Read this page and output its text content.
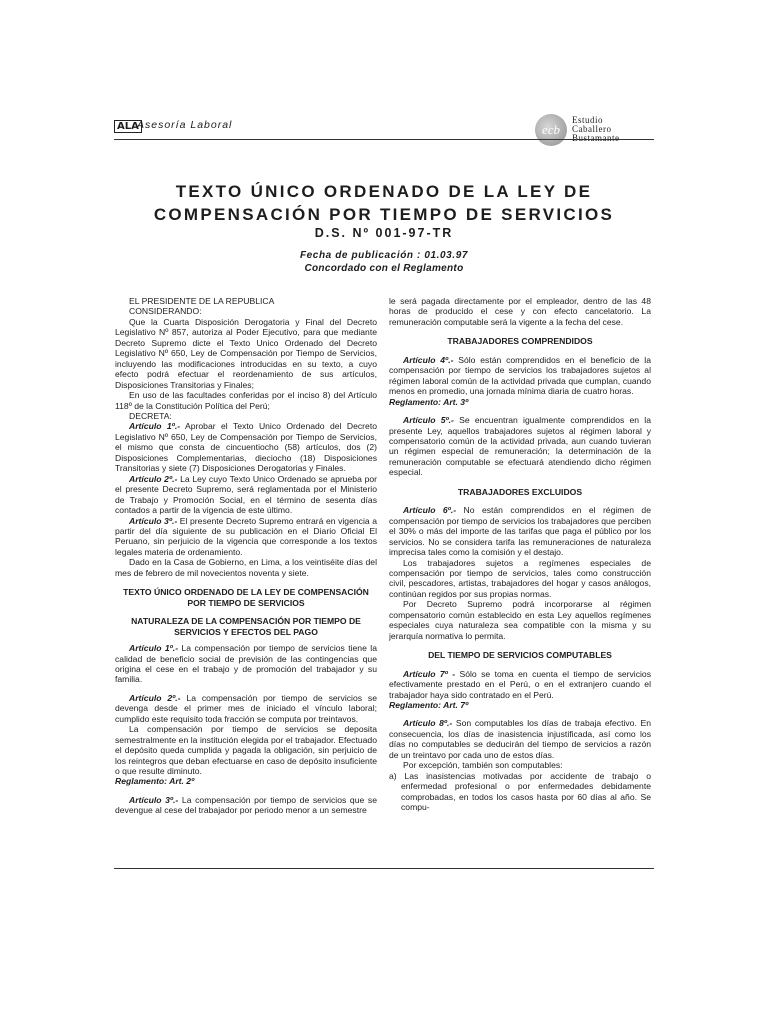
ALA
Asesoría Laboral	ecb
Estudio
Caballero Bustamante
TEXTO ÚNICO ORDENADO DE LA LEY DE
COMPENSACIÓN POR TIEMPO DE SERVICIOS
D.S. Nº 001-97-TR
Fecha de publicación : 01.03.97
Concordado con el Reglamento

EL PRESIDENTE DE LA REPUBLICA

CONSIDERANDO:

Que la Cuarta Disposición Derogatoria y Final del Decreto Legislativo Nº 857, autoriza al Poder Ejecutivo, para que mediante Decreto Supremo dicte el Texto Unico Ordenado del Decreto Legislativo Nº 650, Ley de Compensación por Tiempo de Servicios, incluyendo las modificaciones introducidas en su texto, a cuyo efecto podrá efectuar el reordenamiento de sus artículos, Disposiciones Transitorias y Finales;

En uso de las facultades conferidas por el inciso 8) del Artículo 118º de la Constitución Política del Perú;

DECRETA:

Artículo 1º.- Aprobar el Texto Unico Ordenado del Decreto Legislativo Nº 650, Ley de Compensación por Tiempo de Servicios, el mismo que consta de cincuentiocho (58) artículos, dos (2) Disposiciones Complementarias, dieciocho (18) Disposiciones Transitorias y siete (7) Disposiciones Derogatorias y Finales.

Artículo 2º.- La Ley cuyo Texto Unico Ordenado se aprueba por el presente Decreto Supremo, será reglamentada por el Ministerio de Trabajo y Promoción Social, en el término de sesenta días contados a partir de la vigencia de este último.

Artículo 3º.- El presente Decreto Supremo entrará en vigencia a partir del día siguiente de su publicación en el Diario Oficial El Peruano, sin perjuicio de la vigencia que corresponde a los textos legales materia de ordenamiento.

Dado en la Casa de Gobierno, en Lima, a los veintiséite días del mes de febrero de mil novecientos noventa y siete.

TEXTO ÚNICO ORDENADO DE LA LEY DE COMPENSACIÓN POR TIEMPO DE SERVICIOS

NATURALEZA DE LA COMPENSACIÓN POR TIEMPO DE SERVICIOS Y EFECTOS DEL PAGO

Artículo 1º.- La compensación por tiempo de servicios tiene la calidad de beneficio social de previsión de las contingencias que origina el cese en el trabajo y de promoción del trabajador y su familia.

Artículo 2º.- La compensación por tiempo de servicios se devenga desde el primer mes de iniciado el vínculo laboral; cumplido este requisito toda fracción se computa por treintavos.

La compensación por tiempo de servicios se deposita semestralmente en la institución elegida por el trabajador. Efectuado el depósito queda cumplida y pagada la obligación, sin perjuicio de los reintegros que deban efectuarse en caso de depósito insuficiente o que resulte diminuto.

Reglamento: Art. 2º

Artículo 3º.- La compensación por tiempo de servicios que se devengue al cese del trabajador por periodo menor a un semestre

le será pagada directamente por el empleador, dentro de las 48 horas de producido el cese y con efecto cancelatorio. La remuneración computable será la vigente a la fecha del cese.

TRABAJADORES COMPRENDIDOS

Artículo 4º.- Sólo están comprendidos en el beneficio de la compensación por tiempo de servicios los trabajadores sujetos al régimen laboral común de la actividad privada que cumplan, cuando menos en promedio, una jornada mínima diaria de cuatro horas.

Reglamento: Art. 3º

Artículo 5º.- Se encuentran igualmente comprendidos en la presente Ley, aquellos trabajadores sujetos al régimen laboral y compensatorio común de la actividad privada, aun cuando tuvieran un régimen especial de remuneración; la determinación de la remuneración computable se efectuará atendiendo dicho régimen especial.

TRABAJADORES EXCLUIDOS

Artículo 6º.- No están comprendidos en el régimen de compensación por tiempo de servicios los trabajadores que perciben el 30% o más del importe de las tarifas que paga el público por los servicios. No se considera tarifa las remuneraciones de naturaleza imprecisa tales como la comisión y el destajo.

Los trabajadores sujetos a regímenes especiales de compensación por tiempo de servicios, tales como construcción civil, pescadores, artistas, trabajadores del hogar y casos análogos, continúan regidos por sus propias normas.

Por Decreto Supremo podrá incorporarse al régimen compensatorio común establecido en esta Ley aquellos regímenes especiales cuya naturaleza sea compatible con la misma y su jerarquía normativa lo permita.

DEL TIEMPO DE SERVICIOS COMPUTABLES

Artículo 7º - Sólo se toma en cuenta el tiempo de servicios efectivamente prestado en el Perú, o en el extranjero cuando el trabajador haya sido contratado en el Perú.

Reglamento: Art. 7º

Artículo 8º.- Son computables los días de trabaja efectivo. En consecuencia, los días de inasistencia injustificada, así como los días no computables se deducirán del tiempo de servicios a razón de un treintavo por cada uno de estos días.

Por excepción, también son computables:

a) Las inasistencias motivadas por accidente de trabajo o enfermedad profesional o por enfermedades debidamente comprobadas, en todos los casos hasta por 60 días al año. Se compu-
